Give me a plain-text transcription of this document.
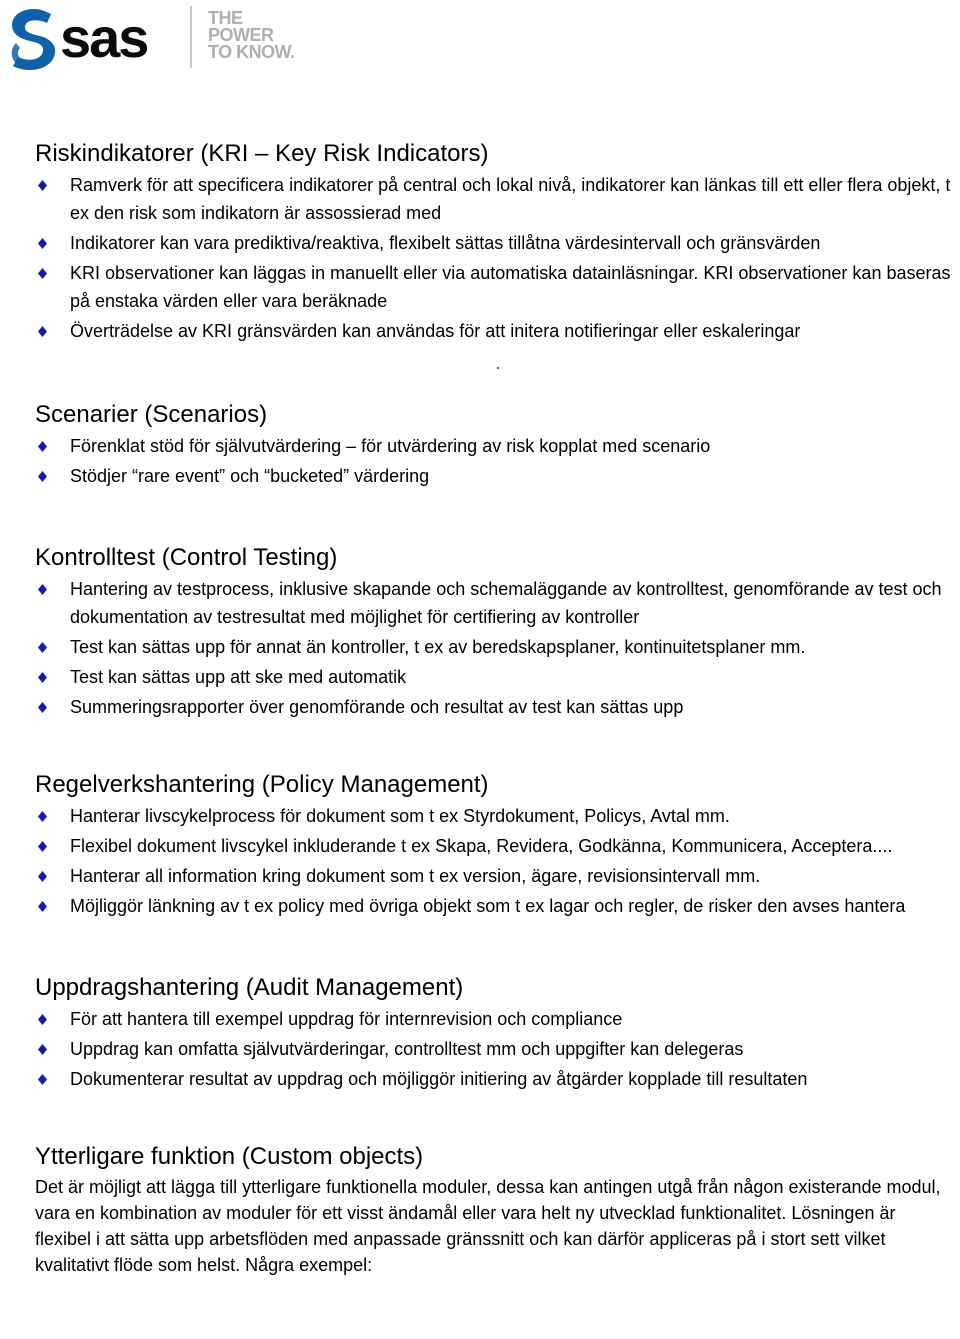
sas	THE
POWER
TO KNOW.
Riskindikatorer (KRI – Key Risk Indicators)
Ramverk för att specificera indikatorer på central och lokal nivå, indikatorer kan länkas till ett eller flera objekt, t ex den risk som indikatorn är assossierad med
Indikatorer kan vara prediktiva/reaktiva, flexibelt sättas tillåtna värdesintervall och gränsvärden
KRI observationer kan läggas in manuellt eller via automatiska datainläsningar. KRI observationer kan baseras på enstaka värden eller vara beräknade
Överträdelse av KRI gränsvärden kan användas för att initera notifieringar eller eskaleringar
Scenarier (Scenarios)
Förenklat stöd för självutvärdering – för utvärdering av risk kopplat med scenario
Stödjer “rare event” och “bucketed” värdering
Kontrolltest (Control Testing)
Hantering av testprocess, inklusive skapande och schemaläggande av kontrolltest, genomförande av test och dokumentation av testresultat med möjlighet för certifiering av kontroller
Test kan sättas upp för annat än kontroller, t ex av beredskapsplaner, kontinuitetsplaner mm.
Test kan sättas upp att ske med automatik
Summeringsrapporter över genomförande och resultat av test kan sättas upp
Regelverkshantering (Policy Management)
Hanterar livscykelprocess för dokument som t ex Styrdokument, Policys, Avtal mm.
Flexibel dokument livscykel inkluderande t ex Skapa, Revidera, Godkänna, Kommunicera, Acceptera....
Hanterar all information kring dokument som t ex version, ägare, revisionsintervall mm.
Möjliggör länkning av t ex policy med övriga objekt som t ex lagar och regler, de risker den avses hantera
Uppdragshantering (Audit Management)
För att hantera till exempel uppdrag för internrevision och compliance
Uppdrag kan omfatta självutvärderingar, controlltest mm och uppgifter kan delegeras
Dokumenterar resultat av uppdrag och möjliggör initiering av åtgärder kopplade till resultaten
Ytterligare funktion (Custom objects)

Det är möjligt att lägga till ytterligare funktionella moduler, dessa kan antingen utgå från någon existerande modul, vara en kombination av moduler för ett visst ändamål eller vara helt ny utvecklad funktionalitet. Lösningen är flexibel i att sätta upp arbetsflöden med anpassade gränssnitt och kan därför appliceras på i stort sett vilket kvalitativt flöde som helst. Några exempel:
